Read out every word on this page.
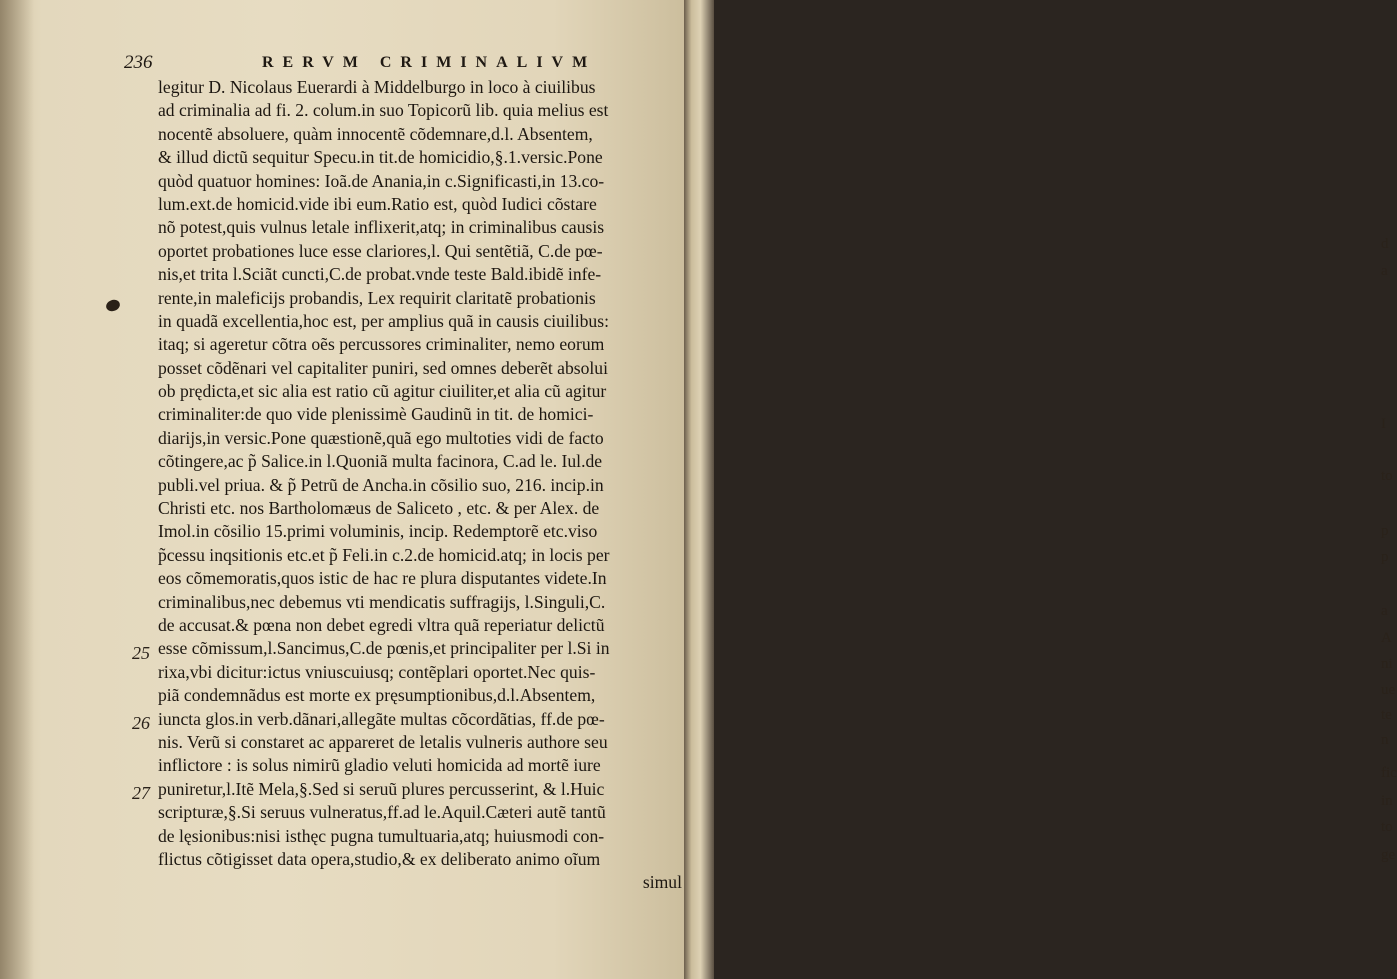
236	RERVM CRIMINALIVM
legitur D. Nicolaus Euerardi à Middelburgo in loco à ciuilibus
ad criminalia ad fi. 2. colum.in suo Topicorũ lib. quia melius est
nocentẽ absoluere, quàm innocentẽ cõdemnare,d.l. Absentem,
& illud dictũ sequitur Specu.in tit.de homicidio,§.1.versic.Pone
quòd quatuor homines: Ioã.de Anania,in c.Significasti,in 13.co-
lum.ext.de homicid.vide ibi eum.Ratio est, quòd Iudici cõstare
nõ potest,quis vulnus letale inflixerit,atq; in criminalibus causis
oportet probationes luce esse clariores,l. Qui sentẽtiã, C.de pœ-
nis,et trita l.Sciãt cuncti,C.de probat.vnde teste Bald.ibidẽ infe-
rente,in maleficijs probandis, Lex requirit claritatẽ probationis
in quadã excellentia,hoc est, per amplius quã in causis ciuilibus:
itaq; si ageretur cõtra oẽs percussores criminaliter, nemo eorum
posset cõdẽnari vel capitaliter puniri, sed omnes deberẽt absolui
ob prędicta,et sic alia est ratio cũ agitur ciuiliter,et alia cũ agitur
criminaliter:de quo vide plenissimè Gaudinũ in tit. de homici-
diarijs,in versic.Pone quæstionẽ,quã ego multoties vidi de facto
cõtingere,ac p̃ Salice.in l.Quoniã multa facinora, C.ad le. Iul.de
publi.vel priua. & p̃ Petrũ de Ancha.in cõsilio suo, 216. incip.in
Christi etc. nos Bartholomæus de Saliceto , etc. & per Alex. de
Imol.in cõsilio 15.primi voluminis, incip. Redemptorẽ etc.viso
p̃cessu inqsitionis etc.et p̃ Feli.in c.2.de homicid.atq; in locis per
eos cõmemoratis,quos istic de hac re plura disputantes videte.In
criminalibus,nec debemus vti mendicatis suffragijs, l.Singuli,C.
de accusat.& pœna non debet egredi vltra quã reperiatur delictũ
esse cõmissum,l.Sancimus,C.de pœnis,et principaliter per l.Si in
rixa,vbi dicitur:ictus vniuscuiusq; contẽplari oportet.Nec quis-
piã condemnãdus est morte ex pręsumptionibus,d.l.Absentem,
iuncta glos.in verb.dãnari,allegãte multas cõcordãtias, ff.de pœ-
nis. Verũ si constaret ac appareret de letalis vulneris authore seu
inflictore : is solus nimirũ gladio veluti homicida ad mortẽ iure
puniretur,l.Itẽ Mela,§.Sed si seruũ plures percusserint, & l.Huic
scripturæ,§.Si seruus vulneratus,ff.ad le.Aquil.Cæteri autẽ tantũ
de lęsionibus:nisi isthęc pugna tumultuaria,atq; huiusmodi con-
flictus cõtigisset data opera,studio,& ex deliberato animo oĩum
simul
25
26
27
d
a
I
to
p
p
a
A
ni
ue
te
n
fic
in
to
ge
